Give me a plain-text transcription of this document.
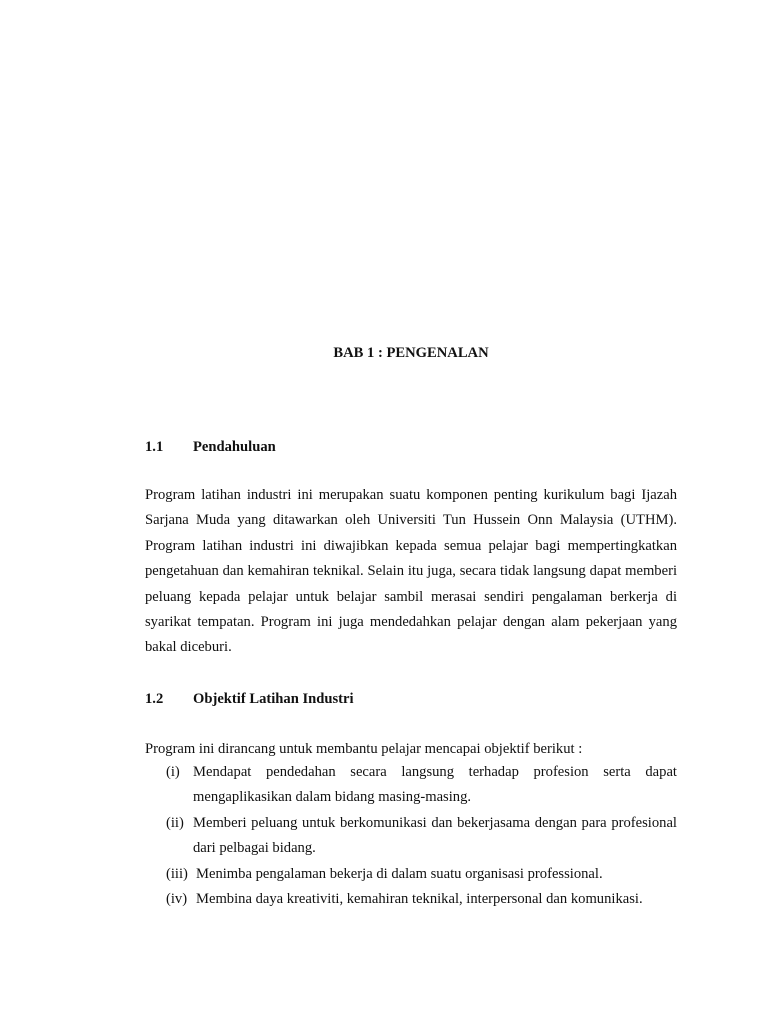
BAB 1 : PENGENALAN
1.1 Pendahuluan
Program latihan industri ini merupakan suatu komponen penting kurikulum bagi Ijazah Sarjana Muda yang ditawarkan oleh Universiti Tun Hussein Onn Malaysia (UTHM). Program latihan industri ini diwajibkan kepada semua pelajar bagi mempertingkatkan pengetahuan dan kemahiran teknikal. Selain itu juga, secara tidak langsung dapat memberi peluang kepada pelajar untuk belajar sambil merasai sendiri pengalaman berkerja di syarikat tempatan. Program ini juga mendedahkan pelajar dengan alam pekerjaan yang bakal diceburi.
1.2 Objektif Latihan Industri
Program ini dirancang untuk membantu pelajar mencapai objektif berikut :
(i) Mendapat pendedahan secara langsung terhadap profesion serta dapat mengaplikasikan dalam bidang masing-masing.
(ii) Memberi peluang untuk berkomunikasi dan bekerjasama dengan para profesional dari pelbagai bidang.
(iii) Menimba pengalaman bekerja di dalam suatu organisasi professional.
(iv) Membina daya kreativiti, kemahiran teknikal, interpersonal dan komunikasi.
